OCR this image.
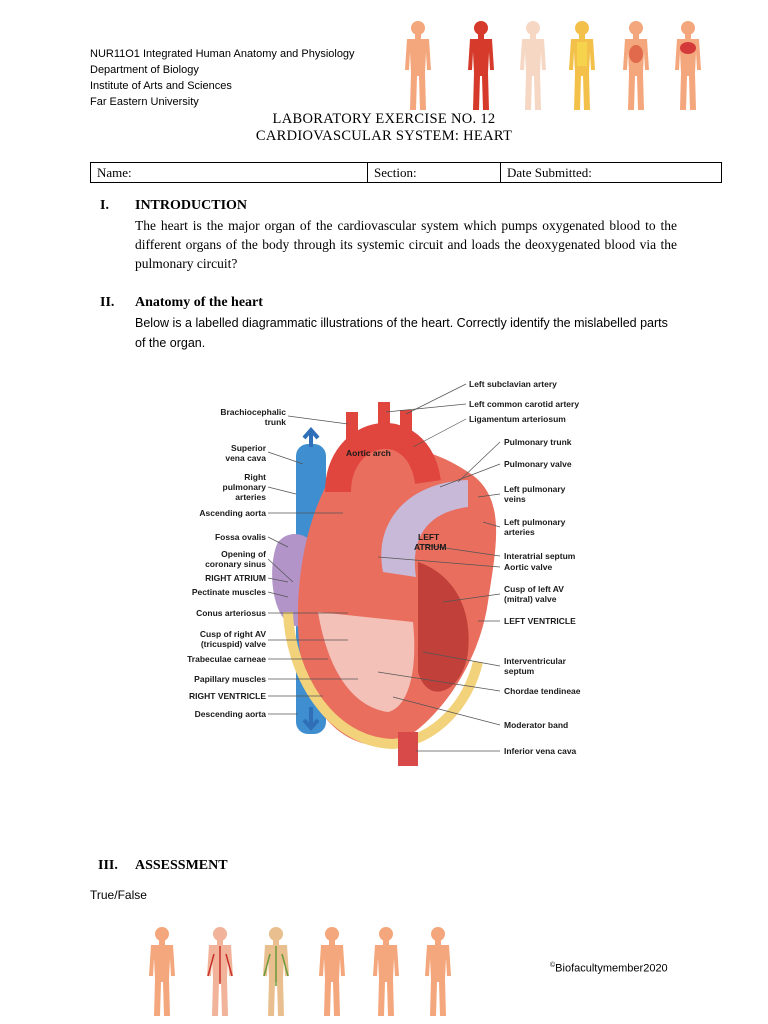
NUR11O1 Integrated Human Anatomy and Physiology
Department of Biology
Institute of Arts and Sciences
Far Eastern University
LABORATORY EXERCISE NO. 12
CARDIOVASCULAR SYSTEM: HEART
Name:	Section:	Date Submitted:
I. INTRODUCTION
The heart is the major organ of the cardiovascular system which pumps oxygenated blood to the different organs of the body through its systemic circuit and loads the deoxygenated blood via the pulmonary circuit?
II. Anatomy of the heart
Below is a labelled diagrammatic illustrations of the heart. Correctly identify the mislabelled parts of the organ.
Brachiocephalic
trunk
Superior
vena cava
Right
pulmonary
arteries
Ascending aorta
Fossa ovalis
Opening of
coronary sinus
RIGHT ATRIUM
Pectinate muscles
Conus arteriosus
Cusp of right AV
(tricuspid) valve
Trabeculae carneae
Papillary muscles
RIGHT VENTRICLE
Descending aorta
Left subclavian artery
Left common carotid artery
Ligamentum arteriosum
Pulmonary trunk
Pulmonary valve
Left pulmonary
veins
Left pulmonary
arteries
Interatrial septum
Aortic valve
Cusp of left AV
(mitral) valve
LEFT VENTRICLE
Interventricular
septum
Chordae tendineae
Moderator band
Inferior vena cava
Aortic arch
LEFT
ATRIUM
III. ASSESSMENT
True/False
©Biofacultymember2020
